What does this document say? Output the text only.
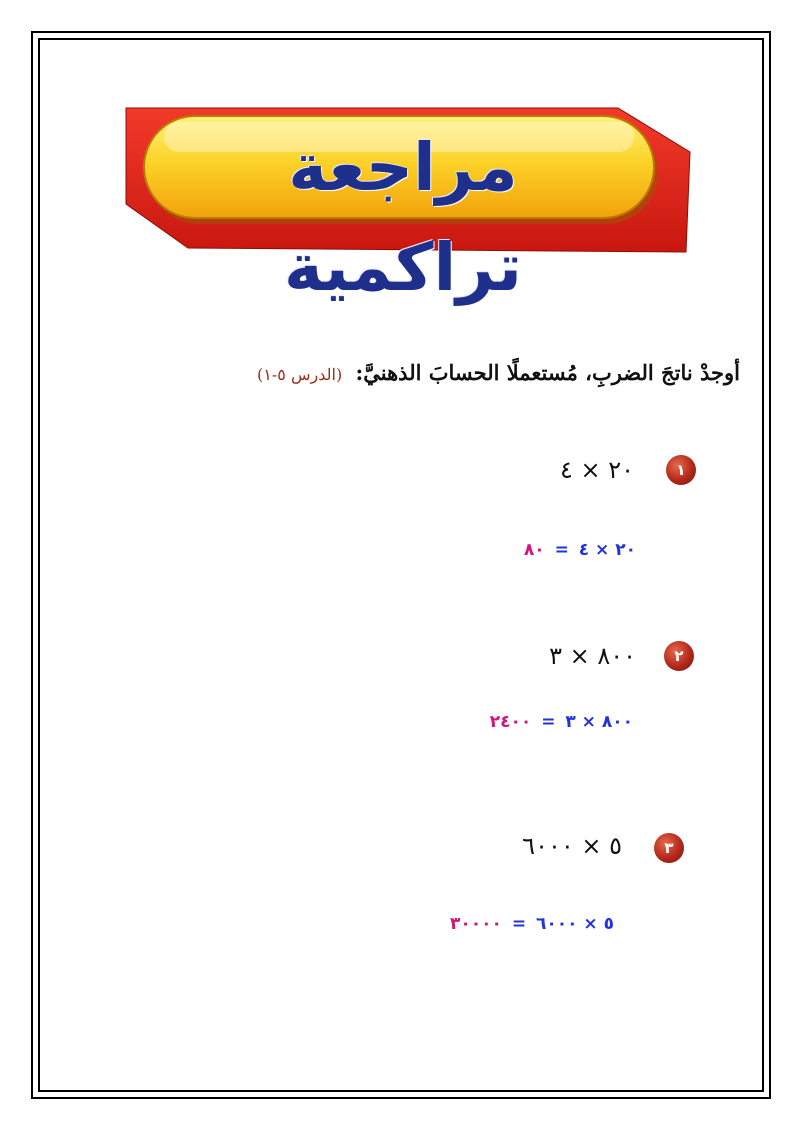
مراجعة تراكمية
أوجدْ ناتجَ الضربِ، مُستعملًا الحسابَ الذهنيَّ: (الدرس ٥-١)
١
٢٠ × ٤
٢٠ × ٤ = ٨٠
٢
٨٠٠ × ٣
٨٠٠ × ٣ = ٢٤٠٠
٣
٥ × ٦٠٠٠
٥ × ٦٠٠٠ = ٣٠٠٠٠
